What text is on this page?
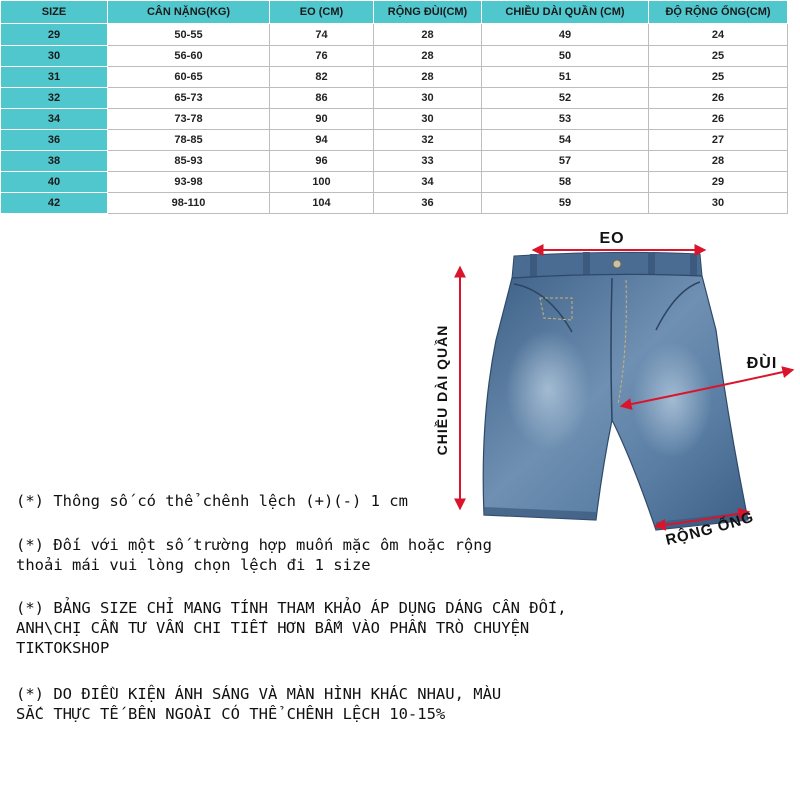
SIZE	CÂN NẶNG(KG)	EO (CM)	RỘNG ĐÙI(CM)	CHIỀU DÀI QUẦN (CM)	ĐỘ RỘNG ỐNG(CM)
29	50-55	74	28	49	24
30	56-60	76	28	50	25
31	60-65	82	28	51	25
32	65-73	86	30	52	26
34	73-78	90	30	53	26
36	78-85	94	32	54	27
38	85-93	96	33	57	28
40	93-98	100	34	58	29
42	98-110	104	36	59	30
EO
ĐÙI
CHIỀU DÀI QUẦN
RỘNG ỐNG

(*) Thông số có thể chênh lệch (+)(-) 1 cm

(*) Đối với một số trường hợp muốn mặc ôm hoặc rộng thoải mái vui lòng chọn lệch đi 1 size

(*) BẢNG SIZE CHỈ MANG TÍNH THAM KHẢO ÁP DỤNG DÁNG CÂN ĐỐI, ANH\CHỊ CẦN TƯ VẤN CHI TIẾT HƠN BẤM VÀO PHẦN TRÒ CHUYỆN TIKTOKSHOP

(*) DO ĐIỀU KIỆN ÁNH SÁNG VÀ MÀN HÌNH KHÁC NHAU, MÀU SẮC THỰC TẾ BÊN NGOÀI CÓ THỂ CHÊNH LỆCH 10-15%
